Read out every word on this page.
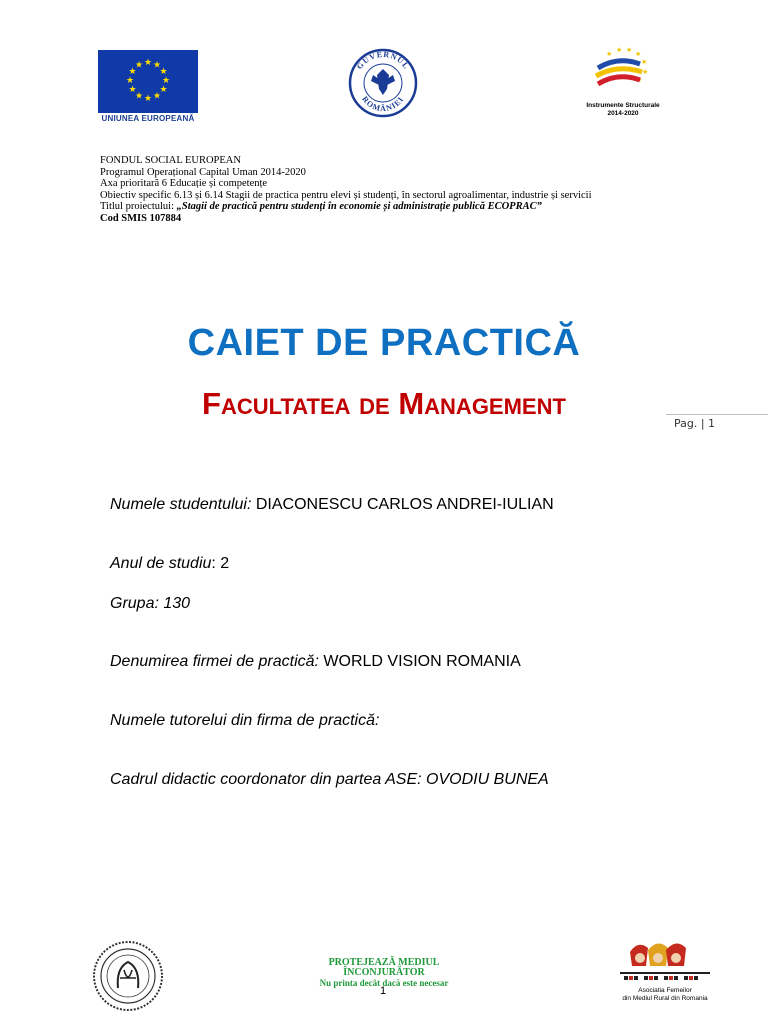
★ ★
★
★
★
★
★
★
★
★
★
★
UNIUNEA EUROPEANĂ
GUVERNUL
ROMÂNIEI
★ ★ ★
★
★
★
★
Instrumente Structurale
2014-2020
FONDUL SOCIAL EUROPEAN
Programul Operațional Capital Uman 2014-2020
Axa prioritară 6 Educație și competențe
Obiectiv specific 6.13 și 6.14 Stagii de practica pentru elevi și studenți, în sectorul agroalimentar, industrie și servicii
Titlul proiectului: „Stagii de practică pentru studenți în economie și administrație publică ECOPRAC”
Cod SMIS 107884
CAIET DE PRACTICĂ
FACULTATEA DE MANAGEMENT
Pag. | 1
Numele studentului: DIACONESCU CARLOS ANDREI-IULIAN
Anul de studiu: 2
Grupa: 130
Denumirea firmei de practică: WORLD VISION ROMANIA
Numele tutorelui din firma de practică:
Cadrul didactic coordonator din partea ASE: OVODIU BUNEA
PROTEJEAZĂ MEDIUL
ÎNCONJURĂTOR
Nu printa decât dacă este necesar
1	Asociatia Femeilor
din Mediul Rural din Romania
